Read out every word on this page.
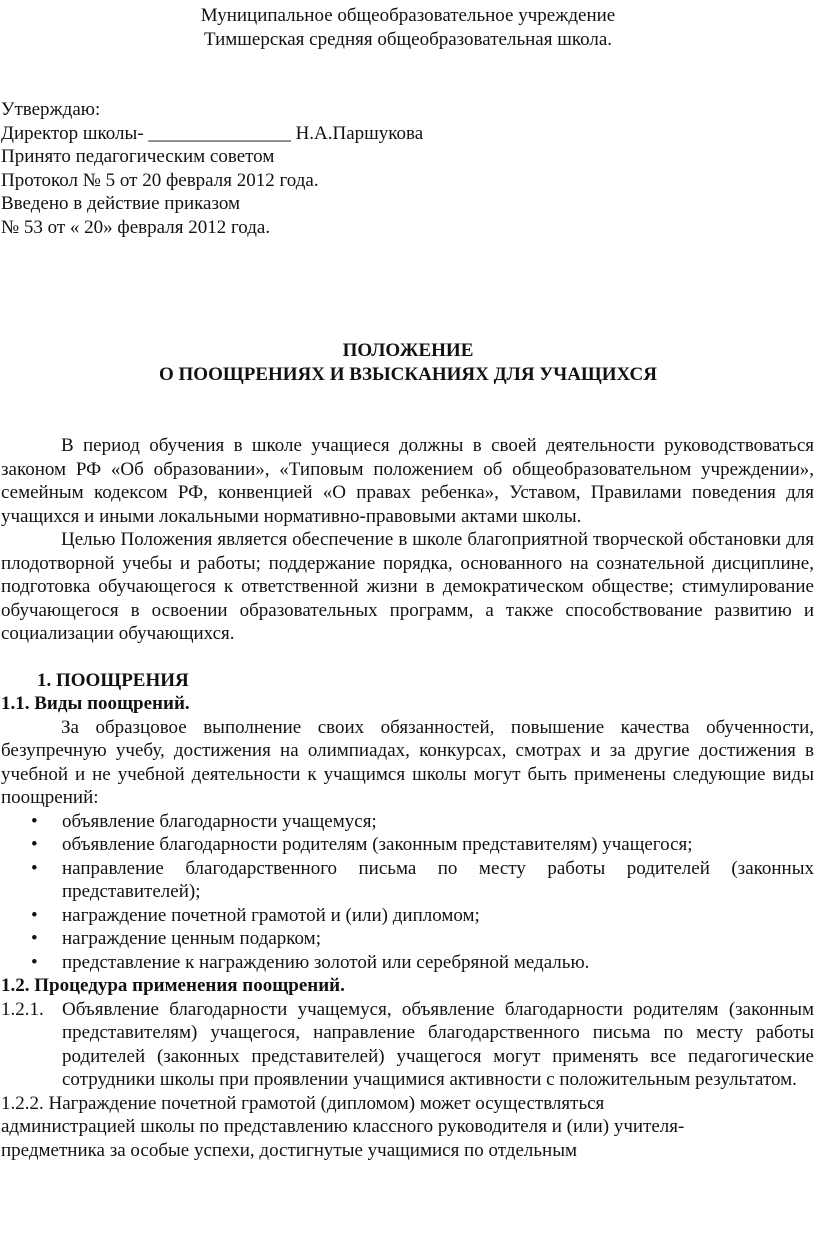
Муниципальное общеобразовательное учреждение
Тимшерская средняя общеобразовательная школа.
Утверждаю:
Директор школы- _______________ Н.А.Паршукова
Принято педагогическим советом
Протокол № 5 от 20 февраля 2012 года.
Введено в действие приказом
№ 53 от « 20» февраля 2012 года.
ПОЛОЖЕНИЕ
О ПООЩРЕНИЯХ И ВЗЫСКАНИЯХ ДЛЯ УЧАЩИХСЯ

В период обучения в школе учащиеся должны в своей деятельности руководствоваться законом РФ «Об образовании», «Типовым положением об общеобразовательном учреждении», семейным кодексом РФ, конвенцией «О правах ребенка», Уставом, Правилами поведения для учащихся и иными локальными нормативно-правовыми актами школы.

Целью Положения является обеспечение в школе благоприятной творческой обстановки для плодотворной учебы и работы; поддержание порядка, основанного на сознательной дисциплине, подготовка обучающегося к ответственной жизни в демократическом обществе; стимулирование обучающегося в освоении образовательных программ, а также способствование развитию и социализации обучающихся.

1. ПООЩРЕНИЯ
1.1. Виды поощрений.

За образцовое выполнение своих обязанностей, повышение качества обученности, безупречную учебу, достижения на олимпиадах, конкурсах, смотрах и за другие достижения в учебной и не учебной деятельности к учащимся школы могут быть применены следующие виды поощрений:

• объявление благодарности учащемуся;
• объявление благодарности родителям (законным представителям) учащегося;
• направление благодарственного письма по месту работы родителей (законных представителей);
• награждение почетной грамотой и (или) дипломом;
• награждение ценным подарком;
• представление к награждению золотой или серебряной медалью.
1.2. Процедура применения поощрений.
1.2.1. Объявление благодарности учащемуся, объявление благодарности родителям (законным представителям) учащегося, направление благодарственного письма по месту работы родителей (законных представителей) учащегося могут применять все педагогические сотрудники школы при проявлении учащимися активности с положительным результатом.
1.2.2. Награждение почетной грамотой (дипломом) может осуществляться
администрацией школы по представлению классного руководителя и (или) учителя-
предметника за особые успехи, достигнутые учащимися по отдельным
